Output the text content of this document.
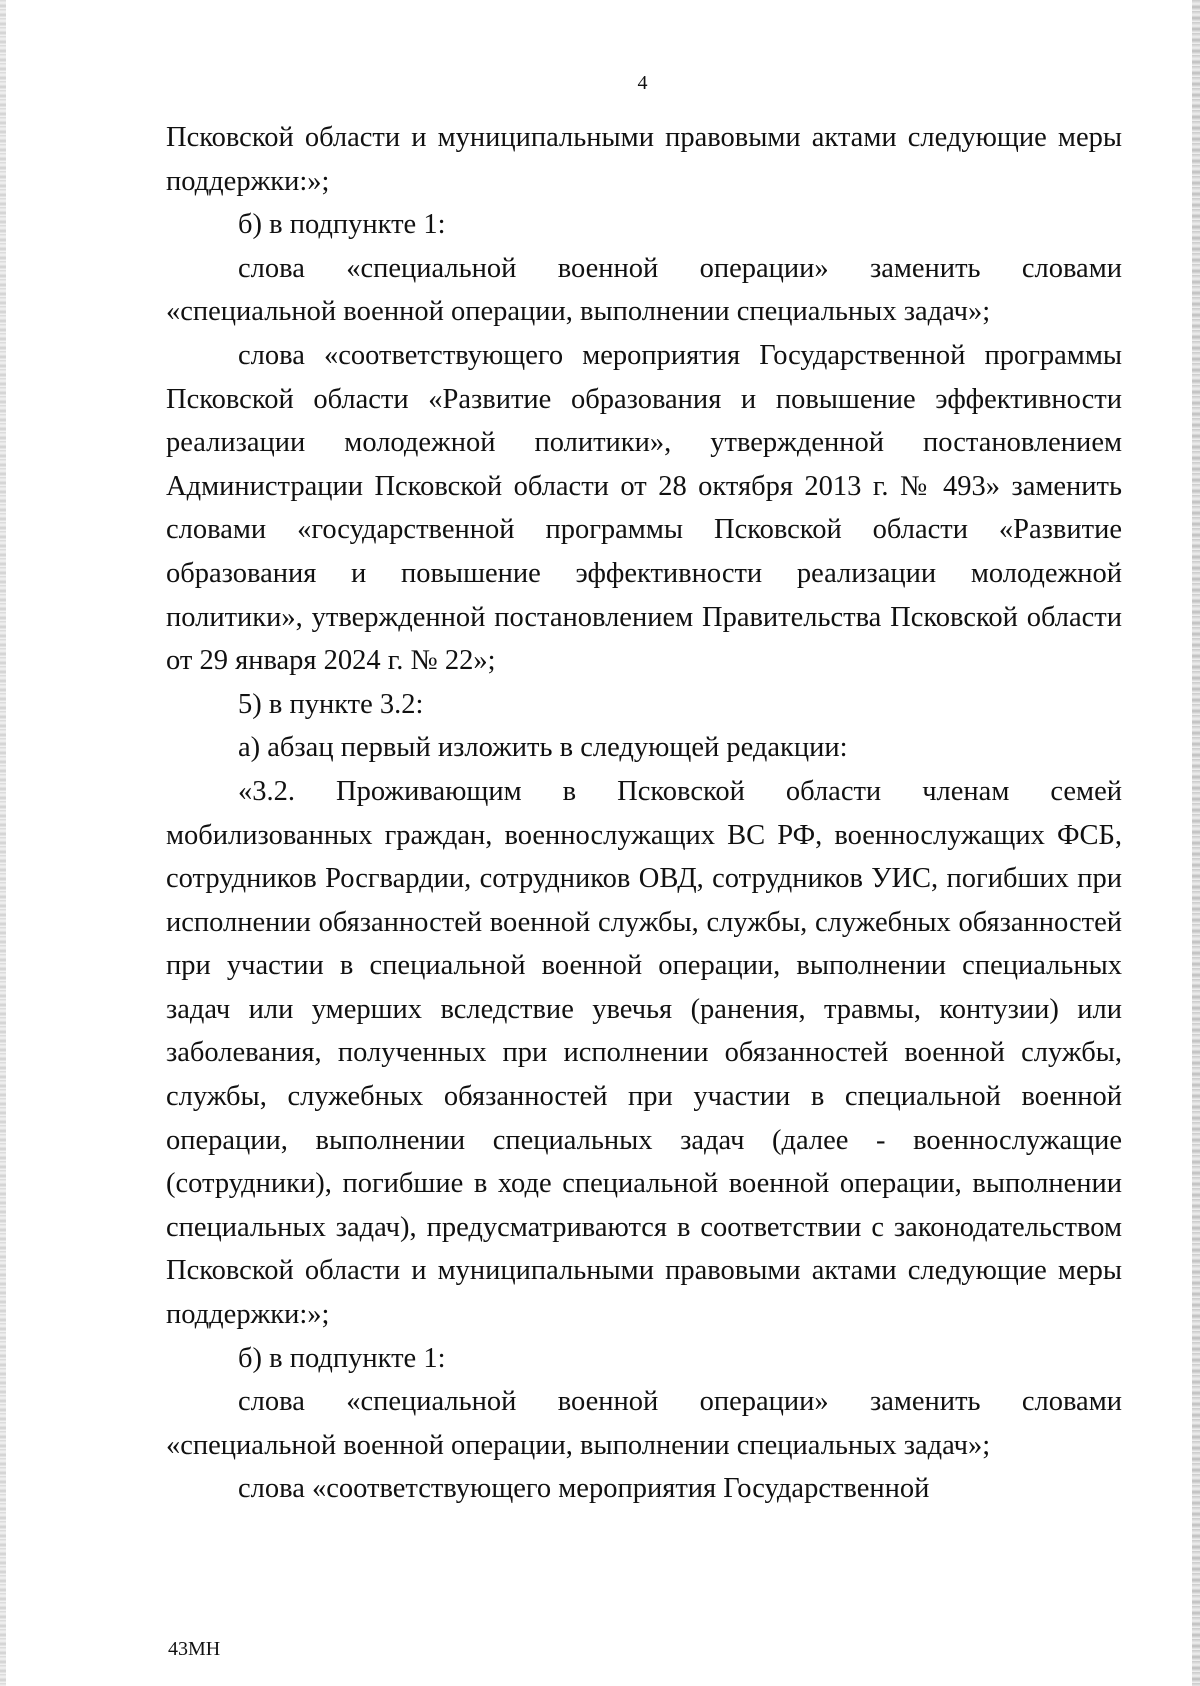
4

Псковской области и муниципальными правовыми актами следующие меры поддержки:»;

б) в подпункте 1:

слова «специальной военной операции» заменить словами «специальной военной операции, выполнении специальных задач»;

слова «соответствующего мероприятия Государственной программы Псковской области «Развитие образования и повышение эффективности реализации молодежной политики», утвержденной постановлением Администрации Псковской области от 28 октября 2013 г. № 493» заменить словами «государственной программы Псковской области «Развитие образования и повышение эффективности реализации молодежной политики», утвержденной постановлением Правительства Псковской области от 29 января 2024 г. № 22»;

5) в пункте 3.2:

а) абзац первый изложить в следующей редакции:

«3.2. Проживающим в Псковской области членам семей мобилизованных граждан, военнослужащих ВС РФ, военнослужащих ФСБ, сотрудников Росгвардии, сотрудников ОВД, сотрудников УИС, погибших при исполнении обязанностей военной службы, службы, служебных обязанностей при участии в специальной военной операции, выполнении специальных задач или умерших вследствие увечья (ранения, травмы, контузии) или заболевания, полученных при исполнении обязанностей военной службы, службы, служебных обязанностей при участии в специальной военной операции, выполнении специальных задач (далее - военнослужащие (сотрудники), погибшие в ходе специальной военной операции, выполнении специальных задач), предусматриваются в соответствии с законодательством Псковской области и муниципальными правовыми актами следующие меры поддержки:»;

б) в подпункте 1:

слова «специальной военной операции» заменить словами «специальной военной операции, выполнении специальных задач»;

слова «соответствующего мероприятия Государственной

43МН
